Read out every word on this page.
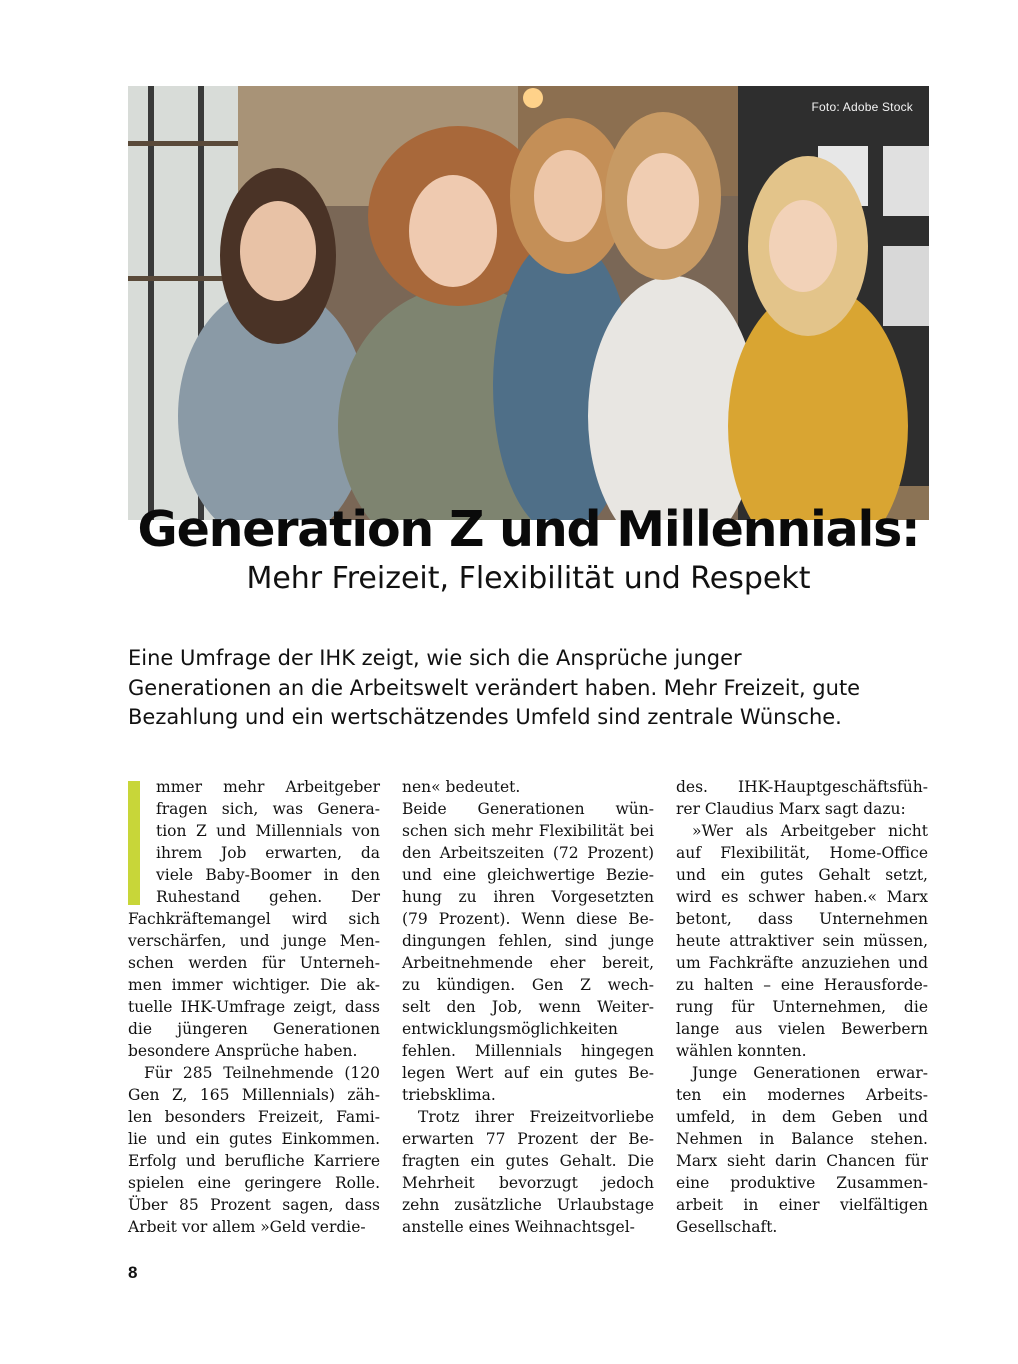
Foto: Adobe Stock
Generation Z und Millennials:
Mehr Freizeit, Flexibilität und Respekt
Eine Umfrage der IHK zeigt, wie sich die Ansprüche junger
Generationen an die Arbeitswelt verändert haben. Mehr Freizeit, gute
Bezahlung und ein wertschätzendes Umfeld sind zentrale Wünsche.
mmer mehr Arbeitgeber
fragen sich, was Genera-
tion Z und Millennials von
ihrem Job erwarten, da
viele Baby-Boomer in den
Ruhestand gehen. Der
Fachkräftemangel wird sich
verschärfen, und junge Men-
schen werden für Unterneh-
men immer wichtiger. Die ak-
tuelle IHK-Umfrage zeigt, dass
die jüngeren Generationen
besondere Ansprüche haben.
Für 285 Teilnehmende (120
Gen Z, 165 Millennials) zäh-
len besonders Freizeit, Fami-
lie und ein gutes Einkommen.
Erfolg und berufliche Karriere
spielen eine geringere Rolle.
Über 85 Prozent sagen, dass
Arbeit vor allem »Geld verdie-
nen« bedeutet.
Beide Generationen wün-
schen sich mehr Flexibilität bei
den Arbeitszeiten (72 Prozent)
und eine gleichwertige Bezie-
hung zu ihren Vorgesetzten
(79 Prozent). Wenn diese Be-
dingungen fehlen, sind junge
Arbeitnehmende eher bereit,
zu kündigen. Gen Z wech-
selt den Job, wenn Weiter-
entwicklungsmöglichkeiten
fehlen. Millennials hingegen
legen Wert auf ein gutes Be-
triebsklima.
Trotz ihrer Freizeitvorliebe
erwarten 77 Prozent der Be-
fragten ein gutes Gehalt. Die
Mehrheit bevorzugt jedoch
zehn zusätzliche Urlaubstage
anstelle eines Weihnachtsgel-
des. IHK-Hauptgeschäftsfüh-
rer Claudius Marx sagt dazu:
»Wer als Arbeitgeber nicht
auf Flexibilität, Home-Office
und ein gutes Gehalt setzt,
wird es schwer haben.« Marx
betont, dass Unternehmen
heute attraktiver sein müssen,
um Fachkräfte anzuziehen und
zu halten – eine Herausforde-
rung für Unternehmen, die
lange aus vielen Bewerbern
wählen konnten.
Junge Generationen erwar-
ten ein modernes Arbeits-
umfeld, in dem Geben und
Nehmen in Balance stehen.
Marx sieht darin Chancen für
eine produktive Zusammen-
arbeit in einer vielfältigen
Gesellschaft.
8
